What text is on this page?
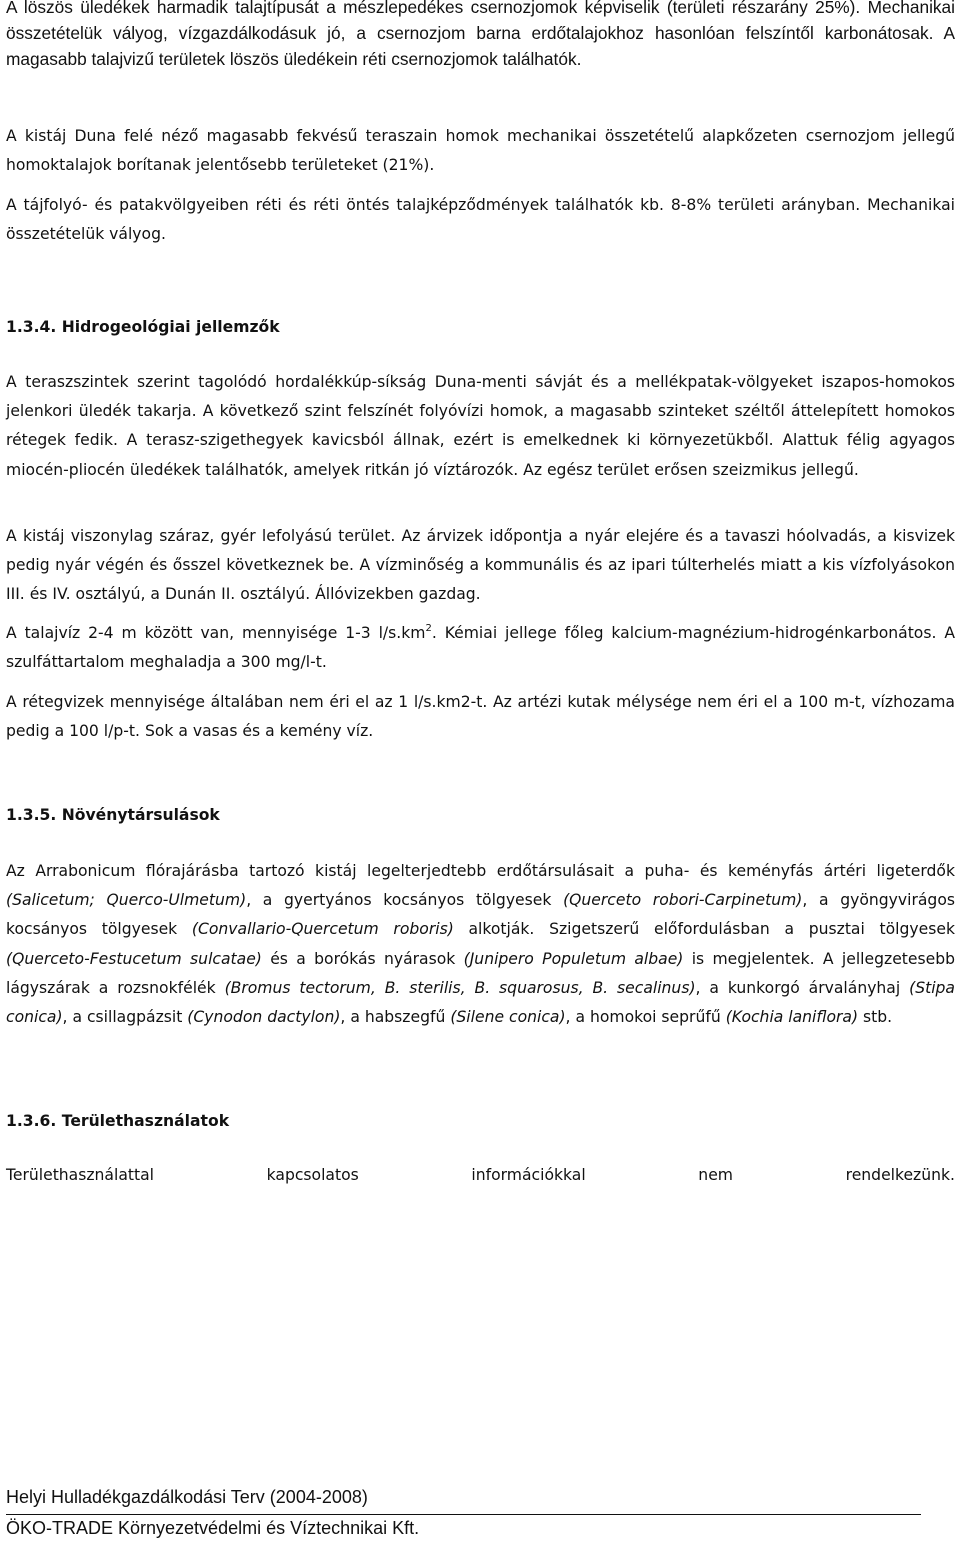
A löszös üledékek harmadik talajtípusát a mészlepedékes csernozjomok képviselik (területi részarány 25%). Mechanikai összetételük vályog, vízgazdálkodásuk jó, a csernozjom barna erdőtalajokhoz hasonlóan felszíntől karbonátosak. A magasabb talajvizű területek löszös üledékein réti csernozjomok találhatók.

A kistáj Duna felé néző magasabb fekvésű teraszain homok mechanikai összetételű alapkőzeten csernozjom jellegű homoktalajok borítanak jelentősebb területeket (21%).

A tájfolyó- és patakvölgyeiben réti és réti öntés talajképződmények találhatók kb. 8-8% területi arányban. Mechanikai összetételük vályog.

1.3.4. Hidrogeológiai jellemzők

A teraszszintek szerint tagolódó hordalékkúp-síkság Duna-menti sávját és a mellékpatak-völgyeket iszapos-homokos jelenkori üledék takarja. A következő szint felszínét folyóvízi homok, a magasabb szinteket széltől áttelepített homokos rétegek fedik. A terasz-szigethegyek kavicsból állnak, ezért is emelkednek ki környezetükből. Alattuk félig agyagos miocén-pliocén üledékek találhatók, amelyek ritkán jó víztározók. Az egész terület erősen szeizmikus jellegű.

A kistáj viszonylag száraz, gyér lefolyású terület. Az árvizek időpontja a nyár elejére és a tavaszi hóolvadás, a kisvizek pedig nyár végén és ősszel következnek be. A vízminőség a kommunális és az ipari túlterhelés miatt a kis vízfolyásokon III. és IV. osztályú, a Dunán II. osztályú. Állóvizekben gazdag.

A talajvíz 2-4 m között van, mennyisége 1-3 $l/s.km^2$. Kémiai jellege főleg kalcium-magnézium-hidrogénkarbonátos. A szulfáttartalom meghaladja a 300 mg/l-t.

A rétegvizek mennyisége általában nem éri el az 1 l/s.km2-t. Az artézi kutak mélysége nem éri el a 100 m-t, vízhozama pedig a 100 l/p-t. Sok a vasas és a kemény víz.

1.3.5. Növénytársulások

Az Arrabonicum flórajárásba tartozó kistáj legelterjedtebb erdőtársulásait a puha- és keményfás ártéri ligeterdők (Salicetum; Querco-Ulmetum), a gyertyános kocsányos tölgyesek (Querceto robori-Carpinetum), a gyöngyvirágos kocsányos tölgyesek (Convallario-Quercetum roboris) alkotják. Szigetszerű előfordulásban a pusztai tölgyesek (Querceto-Festucetum sulcatae) és a borókás nyárasok (Junipero Populetum albae) is megjelentek. A jellegzetesebb lágyszárak a rozsnokfélék (Bromus tectorum, B. sterilis, B. squarosus, B. secalinus), a kunkorgó árvalányhaj (Stipa conica), a csillagpázsit (Cynodon dactylon), a habszegfű (Silene conica), a homokoi seprűfű (Kochia laniflora) stb.

1.3.6. Területhasználatok

Területhasználattal kapcsolatos információkkal nem rendelkezünk.

Helyi Hulladékgazdálkodási Terv (2004-2008)

ÖKO-TRADE Környezetvédelmi és Víztechnikai Kft.
